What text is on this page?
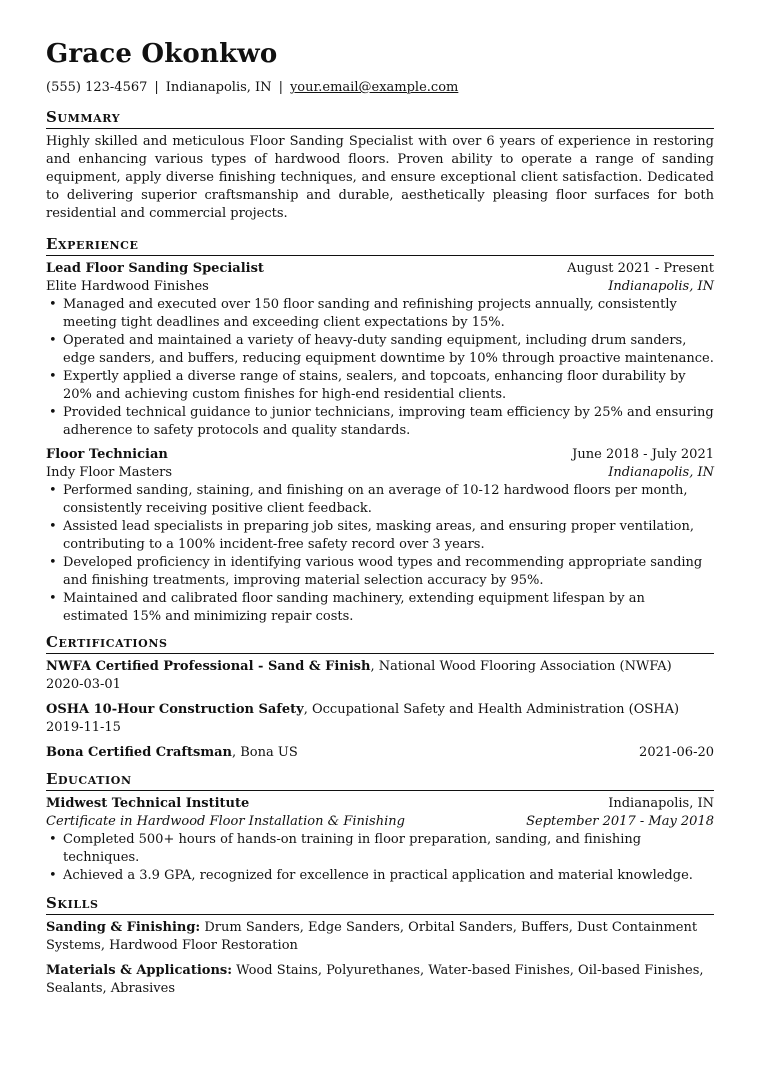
Grace Okonkwo
(555) 123-4567 | Indianapolis, IN | your.email@example.com
Summary
Highly skilled and meticulous Floor Sanding Specialist with over 6 years of experience in restoring and enhancing various types of hardwood floors. Proven ability to operate a range of sanding equipment, apply diverse finishing techniques, and ensure exceptional client satisfaction. Dedicated to delivering superior craftsmanship and durable, aesthetically pleasing floor surfaces for both residential and commercial projects.
Experience
Lead Floor Sanding Specialist	August 2021 - Present
Elite Hardwood Finishes	Indianapolis, IN
• Managed and executed over 150 floor sanding and refinishing projects annually, consistently meeting tight deadlines and exceeding client expectations by 15%.
• Operated and maintained a variety of heavy-duty sanding equipment, including drum sanders, edge sanders, and buffers, reducing equipment downtime by 10% through proactive maintenance.
• Expertly applied a diverse range of stains, sealers, and topcoats, enhancing floor durability by 20% and achieving custom finishes for high-end residential clients.
• Provided technical guidance to junior technicians, improving team efficiency by 25% and ensuring adherence to safety protocols and quality standards.
Floor Technician	June 2018 - July 2021
Indy Floor Masters	Indianapolis, IN
• Performed sanding, staining, and finishing on an average of 10-12 hardwood floors per month, consistently receiving positive client feedback.
• Assisted lead specialists in preparing job sites, masking areas, and ensuring proper ventilation, contributing to a 100% incident-free safety record over 3 years.
• Developed proficiency in identifying various wood types and recommending appropriate sanding and finishing treatments, improving material selection accuracy by 95%.
• Maintained and calibrated floor sanding machinery, extending equipment lifespan by an estimated 15% and minimizing repair costs.
Certifications
NWFA Certified Professional - Sand & Finish, National Wood Flooring Association (NWFA)
2020-03-01
OSHA 10-Hour Construction Safety, Occupational Safety and Health Administration (OSHA)
2019-11-15
Bona Certified Craftsman, Bona US	2021-06-20
Education
Midwest Technical Institute	Indianapolis, IN
Certificate in Hardwood Floor Installation & Finishing	September 2017 - May 2018
• Completed 500+ hours of hands-on training in floor preparation, sanding, and finishing techniques.
• Achieved a 3.9 GPA, recognized for excellence in practical application and material knowledge.
Skills
Sanding & Finishing: Drum Sanders, Edge Sanders, Orbital Sanders, Buffers, Dust Containment Systems, Hardwood Floor Restoration
Materials & Applications: Wood Stains, Polyurethanes, Water-based Finishes, Oil-based Finishes, Sealants, Abrasives
